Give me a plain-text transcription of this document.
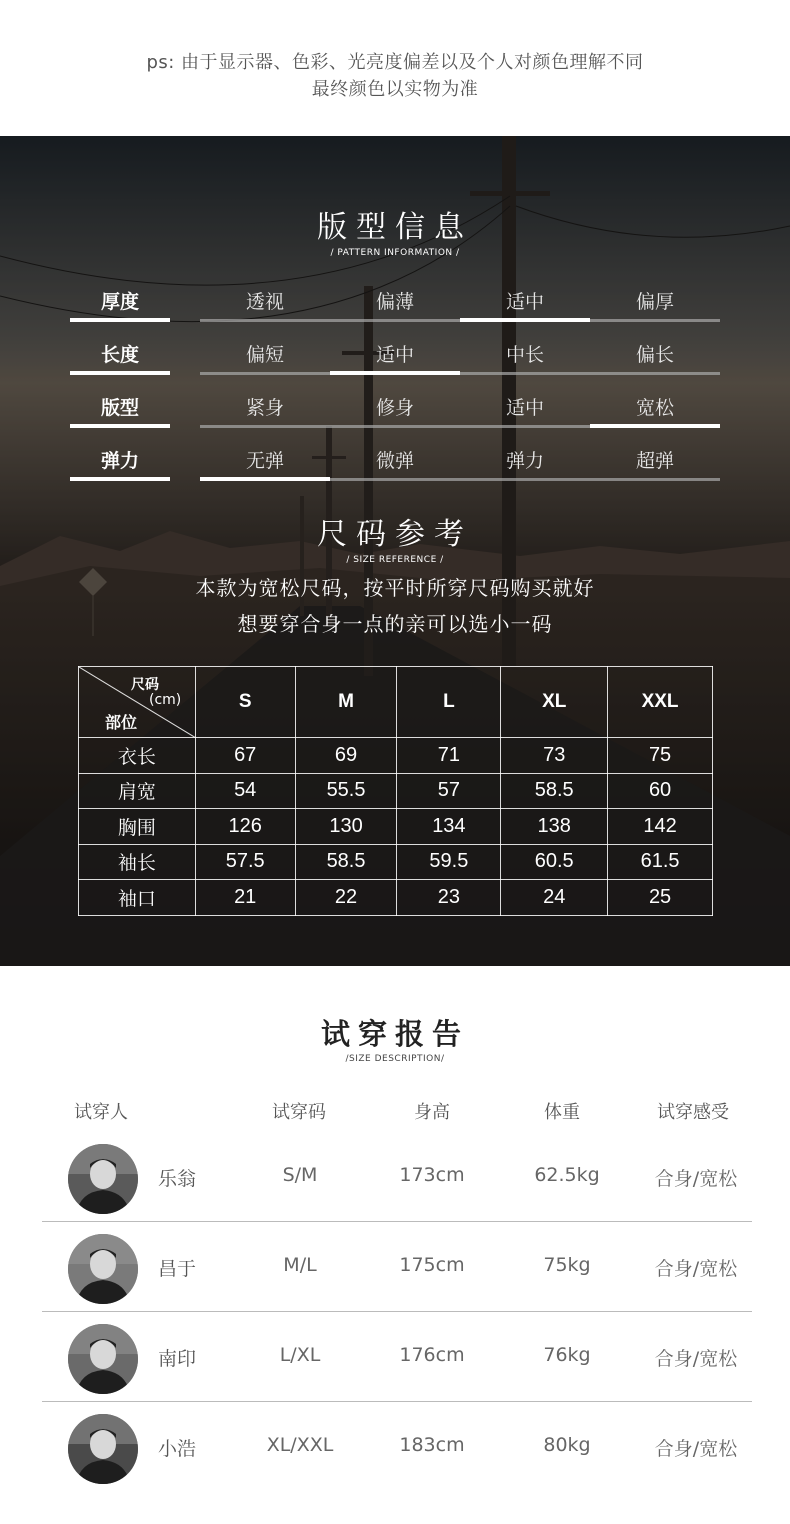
ps: 由于显示器、色彩、光亮度偏差以及个人对颜色理解不同
最终颜色以实物为准
版型信息
/ PATTERN INFORMATION /
厚度	透视	偏薄	适中	偏厚
长度	偏短	适中	中长	偏长
版型	紧身	修身	适中	宽松
弹力	无弹	微弹	弹力	超弹
尺码参考
/ SIZE REFERENCE /
本款为宽松尺码，按平时所穿尺码购买就好
想要穿合身一点的亲可以选小一码
尺码
(cm)
部位	S	M	L	XL	XXL
衣长	67	69	71	73	75
肩宽	54	55.5	57	58.5	60
胸围	126	130	134	138	142
袖长	57.5	58.5	59.5	60.5	61.5
袖口	21	22	23	24	25
试穿报告
/SIZE DESCRIPTION/
试穿人	试穿码	身高	体重	试穿感受
乐翁	S/M	173cm	62.5kg	合身/宽松
昌于	M/L	175cm	75kg	合身/宽松
南印	L/XL	176cm	76kg	合身/宽松
小浩	XL/XXL	183cm	80kg	合身/宽松
